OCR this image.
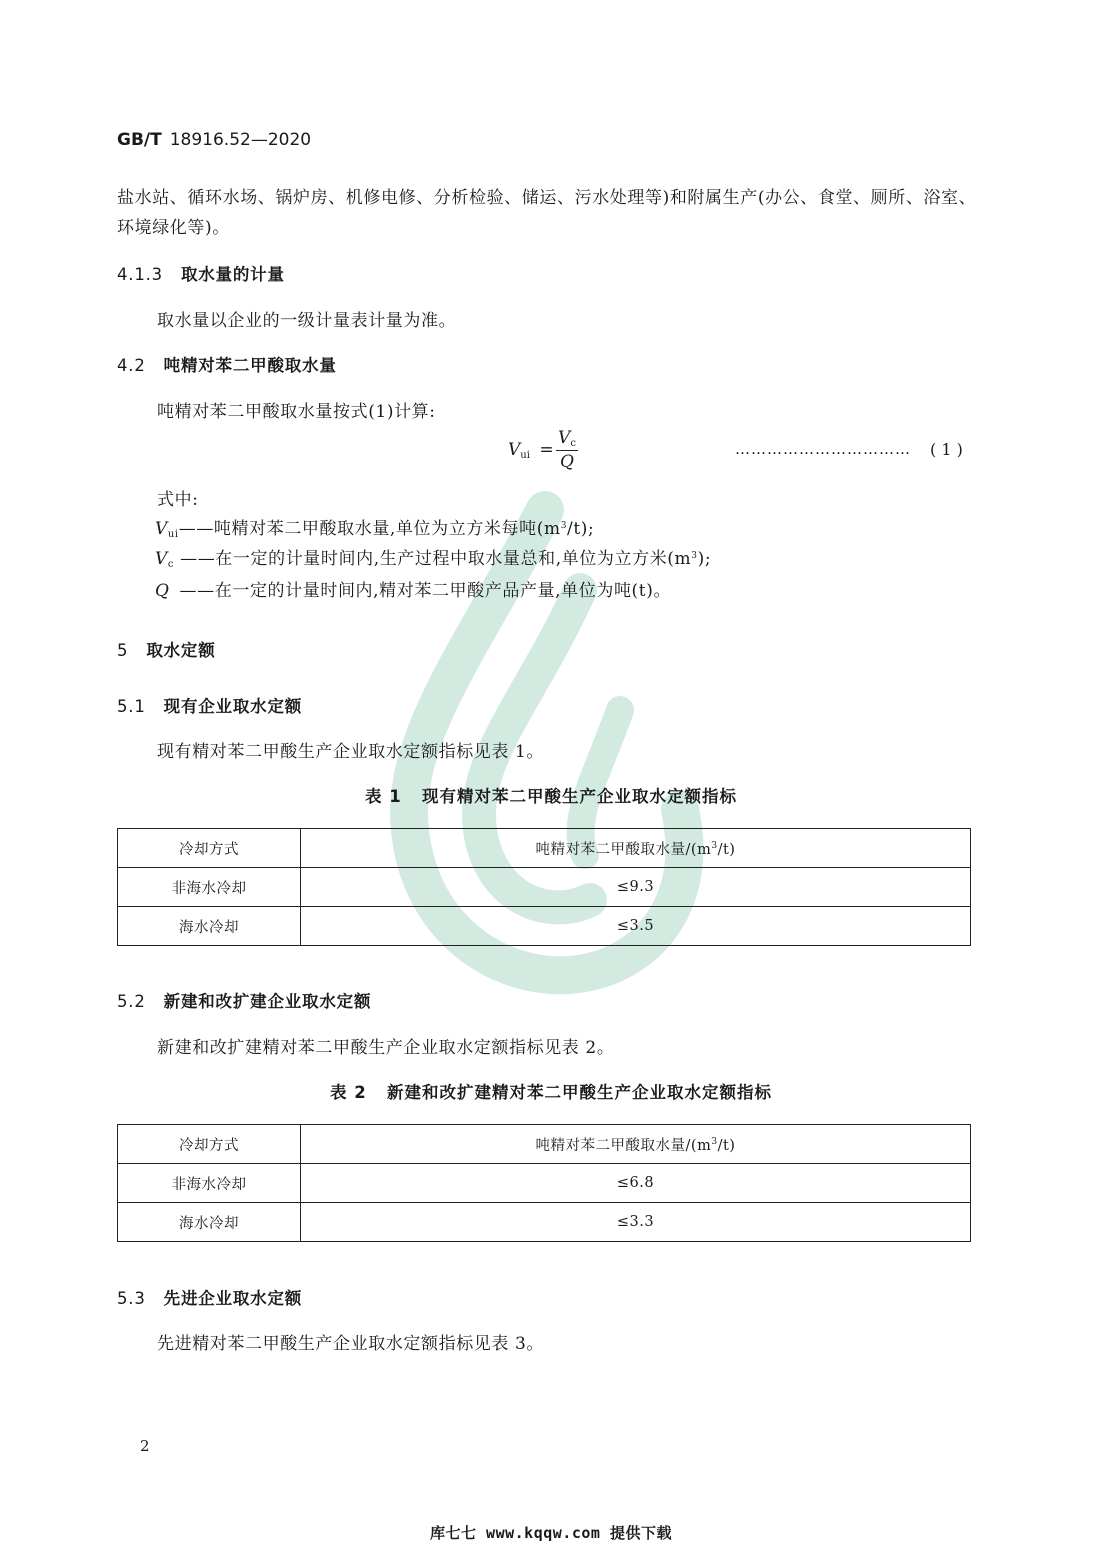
GB/T 18916.52—2020
盐水站、循环水场、锅炉房、机修电修、分析检验、储运、污水处理等)和附属生产(办公、食堂、厕所、浴室、
环境绿化等)。
4.1.3 取水量的计量
取水量以企业的一级计量表计量为准。
4.2 吨精对苯二甲酸取水量
吨精对苯二甲酸取水量按式(1)计算:
$V_{ui}$ =
$V_c$
Q
…………………………… ( 1 )
式中:
$V_{ui}——$吨精对苯二甲酸取水量,单位为立方米每吨$(m^3/t)$;
$V_c$ ——在一定的计量时间内,生产过程中取水量总和,单位为立方米$(m^3)$;
Q ——在一定的计量时间内,精对苯二甲酸产品产量,单位为吨(t)。
5 取水定额
5.1 现有企业取水定额
现有精对苯二甲酸生产企业取水定额指标见表 1。
表 1   现有精对苯二甲酸生产企业取水定额指标
冷却方式	吨精对苯二甲酸取水量$/(m^3/t)$
非海水冷却	≤9.3
海水冷却	≤3.5
5.2 新建和改扩建企业取水定额
新建和改扩建精对苯二甲酸生产企业取水定额指标见表 2。
表 2   新建和改扩建精对苯二甲酸生产企业取水定额指标
冷却方式	吨精对苯二甲酸取水量$/(m^3/t)$
非海水冷却	≤6.8
海水冷却	≤3.3
5.3 先进企业取水定额
先进精对苯二甲酸生产企业取水定额指标见表 3。
2
库七七 www.kqqw.com 提供下载
